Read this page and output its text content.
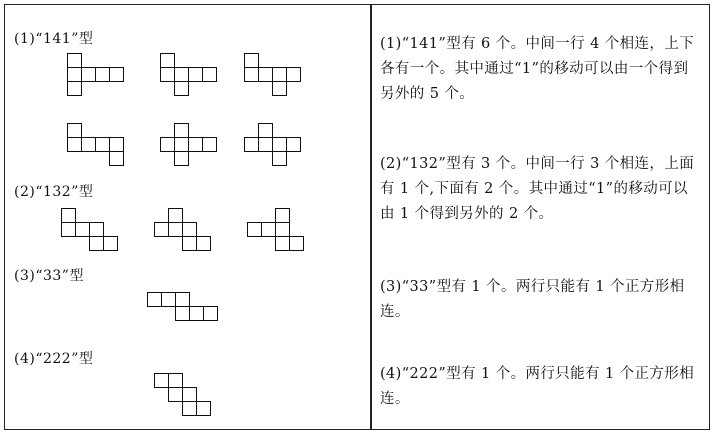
(1)“141”型
(2)“132”型
(3)“33”型
(4)“222”型
(1)“141”型有 6 个。中间一行 4 个相连，上下各有一个。其中通过“1”的移动可以由一个得到另外的 5 个。
(2)“132”型有 3 个。中间一行 3 个相连，上面有 1 个,下面有 2 个。其中通过“1”的移动可以由 1 个得到另外的 2 个。
(3)“33”型有 1 个。两行只能有 1 个正方形相连。
(4)“222”型有 1 个。两行只能有 1 个正方形相连。
